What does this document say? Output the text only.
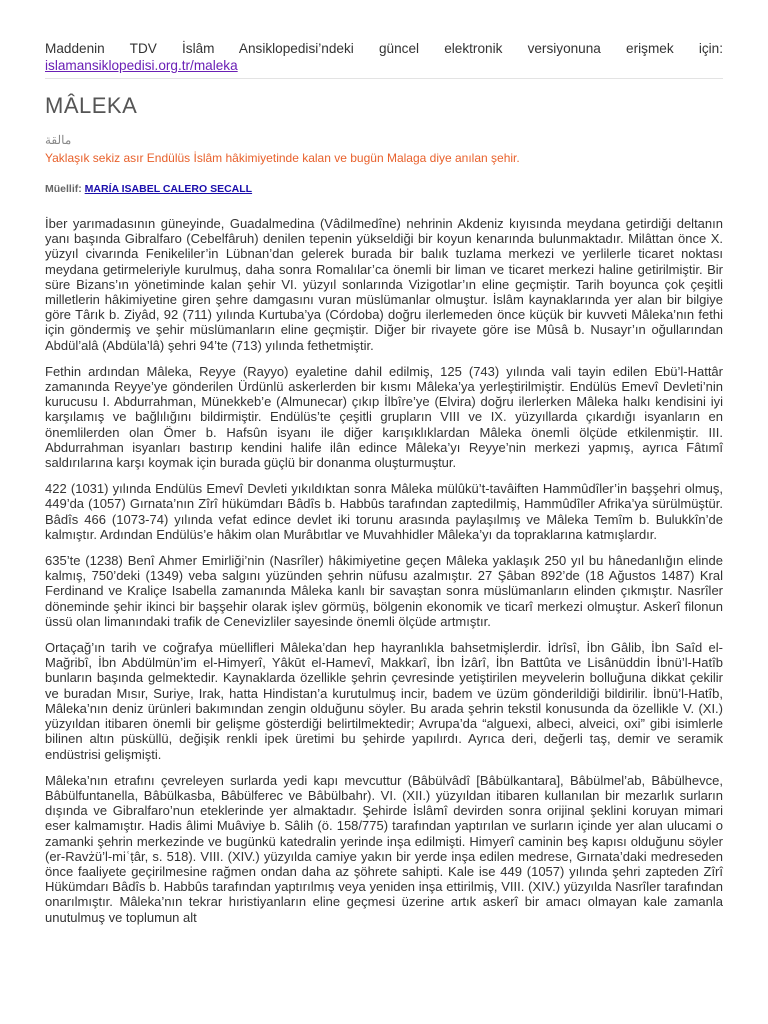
Maddenin TDV İslâm Ansiklopedisi’ndeki güncel elektronik versiyonuna erişmek için:
islamansiklopedisi.org.tr/maleka
MÂLEKA
مالقة
Yaklaşık sekiz asır Endülüs İslâm hâkimiyetinde kalan ve bugün Malaga diye anılan şehir.
Müellif: MARÍA ISABEL CALERO SECALL

İber yarımadasının güneyinde, Guadalmedina (Vâdilmedîne) nehrinin Akdeniz kıyısında meydana getirdiği deltanın yanı başında Gibralfaro (Cebelfâruh) denilen tepenin yükseldiği bir koyun kenarında bulunmaktadır. Milâttan önce X. yüzyıl civarında Fenikeliler’in Lübnan’dan gelerek burada bir balık tuzlama merkezi ve yerlilerle ticaret noktası meydana getirmeleriyle kurulmuş, daha sonra Romalılar’ca önemli bir liman ve ticaret merkezi haline getirilmiştir. Bir süre Bizans’ın yönetiminde kalan şehir VI. yüzyıl sonlarında Vizigotlar’ın eline geçmiştir. Tarih boyunca çok çeşitli milletlerin hâkimiyetine giren şehre damgasını vuran müslümanlar olmuştur. İslâm kaynaklarında yer alan bir bilgiye göre Târık b. Ziyâd, 92 (711) yılında Kurtuba’ya (Córdoba) doğru ilerlemeden önce küçük bir kuvveti Mâleka’nın fethi için göndermiş ve şehir müslümanların eline geçmiştir. Diğer bir rivayete göre ise Mûsâ b. Nusayr’ın oğullarından Abdül’alâ (Abdüla’lâ) şehri 94’te (713) yılında fethetmiştir.

Fethin ardından Mâleka, Reyye (Rayyo) eyaletine dahil edilmiş, 125 (743) yılında vali tayin edilen Ebü’l-Hattâr zamanında Reyye’ye gönderilen Ürdünlü askerlerden bir kısmı Mâleka’ya yerleştirilmiştir. Endülüs Emevî Devleti’nin kurucusu I. Abdurrahman, Münekkeb’e (Almunecar) çıkıp İlbîre’ye (Elvira) doğru ilerlerken Mâleka halkı kendisini iyi karşılamış ve bağlılığını bildirmiştir. Endülüs’te çeşitli grupların VIII ve IX. yüzyıllarda çıkardığı isyanların en önemlilerden olan Ömer b. Hafsûn isyanı ile diğer karışıklıklardan Mâleka önemli ölçüde etkilenmiştir. III. Abdurrahman isyanları bastırıp kendini halife ilân edince Mâleka’yı Reyye’nin merkezi yapmış, ayrıca Fâtımî saldırılarına karşı koymak için burada güçlü bir donanma oluşturmuştur.

422 (1031) yılında Endülüs Emevî Devleti yıkıldıktan sonra Mâleka mülûkü’t-tavâiften Hammûdîler’in başşehri olmuş, 449’da (1057) Gırnata’nın Zîrî hükümdarı Bâdîs b. Habbûs tarafından zaptedilmiş, Hammûdîler Afrika’ya sürülmüştür. Bâdîs 466 (1073-74) yılında vefat edince devlet iki torunu arasında paylaşılmış ve Mâleka Temîm b. Bulukkîn’de kalmıştır. Ardından Endülüs’e hâkim olan Murâbıtlar ve Muvahhidler Mâleka’yı da topraklarına katmışlardır.

635’te (1238) Benî Ahmer Emirliği’nin (Nasrîler) hâkimiyetine geçen Mâleka yaklaşık 250 yıl bu hânedanlığın elinde kalmış, 750’deki (1349) veba salgını yüzünden şehrin nüfusu azalmıştır. 27 Şâban 892’de (18 Ağustos 1487) Kral Ferdinand ve Kraliçe Isabella zamanında Mâleka kanlı bir savaştan sonra müslümanların elinden çıkmıştır. Nasrîler döneminde şehir ikinci bir başşehir olarak işlev görmüş, bölgenin ekonomik ve ticarî merkezi olmuştur. Askerî filonun üssü olan limanındaki trafik de Cenevizliler sayesinde önemli ölçüde artmıştır.

Ortaçağ’ın tarih ve coğrafya müellifleri Mâleka’dan hep hayranlıkla bahsetmişlerdir. İdrîsî, İbn Gâlib, İbn Saîd el-Mağribî, İbn Abdülmün’im el-Himyerî, Yâkūt el-Hamevî, Makkarî, İbn İzârî, İbn Battûta ve Lisânüddin İbnü’l-Hatîb bunların başında gelmektedir. Kaynaklarda özellikle şehrin çevresinde yetiştirilen meyvelerin bolluğuna dikkat çekilir ve buradan Mısır, Suriye, Irak, hatta Hindistan’a kurutulmuş incir, badem ve üzüm gönderildiği bildirilir. İbnü’l-Hatîb, Mâleka’nın deniz ürünleri bakımından zengin olduğunu söyler. Bu arada şehrin tekstil konusunda da özellikle V. (XI.) yüzyıldan itibaren önemli bir gelişme gösterdiği belirtilmektedir; Avrupa’da “alguexi, albeci, alveici, oxi” gibi isimlerle bilinen altın püsküllü, değişik renkli ipek üretimi bu şehirde yapılırdı. Ayrıca deri, değerli taş, demir ve seramik endüstrisi gelişmişti.

Mâleka’nın etrafını çevreleyen surlarda yedi kapı mevcuttur (Bâbülvâdî [Bâbülkantara], Bâbülmel’ab, Bâbülhevce, Bâbülfuntanella, Bâbülkasba, Bâbülferec ve Bâbülbahr). VI. (XII.) yüzyıldan itibaren kullanılan bir mezarlık surların dışında ve Gibralfaro’nun eteklerinde yer almaktadır. Şehirde İslâmî devirden sonra orijinal şeklini koruyan mimari eser kalmamıştır. Hadis âlimi Muâviye b. Sâlih (ö. 158/775) tarafından yaptırılan ve surların içinde yer alan ulucami o zamanki şehrin merkezinde ve bugünkü katedralin yerinde inşa edilmişti. Himyerî caminin beş kapısı olduğunu söyler (er-Ravżü’l-miʿṭâr, s. 518). VIII. (XIV.) yüzyılda camiye yakın bir yerde inşa edilen medrese, Gırnata’daki medreseden önce faaliyete geçirilmesine rağmen ondan daha az şöhrete sahipti. Kale ise 449 (1057) yılında şehri zapteden Zîrî Hükümdarı Bâdîs b. Habbûs tarafından yaptırılmış veya yeniden inşa ettirilmiş, VIII. (XIV.) yüzyılda Nasrîler tarafından onarılmıştır. Mâleka’nın tekrar hıristiyanların eline geçmesi üzerine artık askerî bir amacı olmayan kale zamanla unutulmuş ve toplumun alt
